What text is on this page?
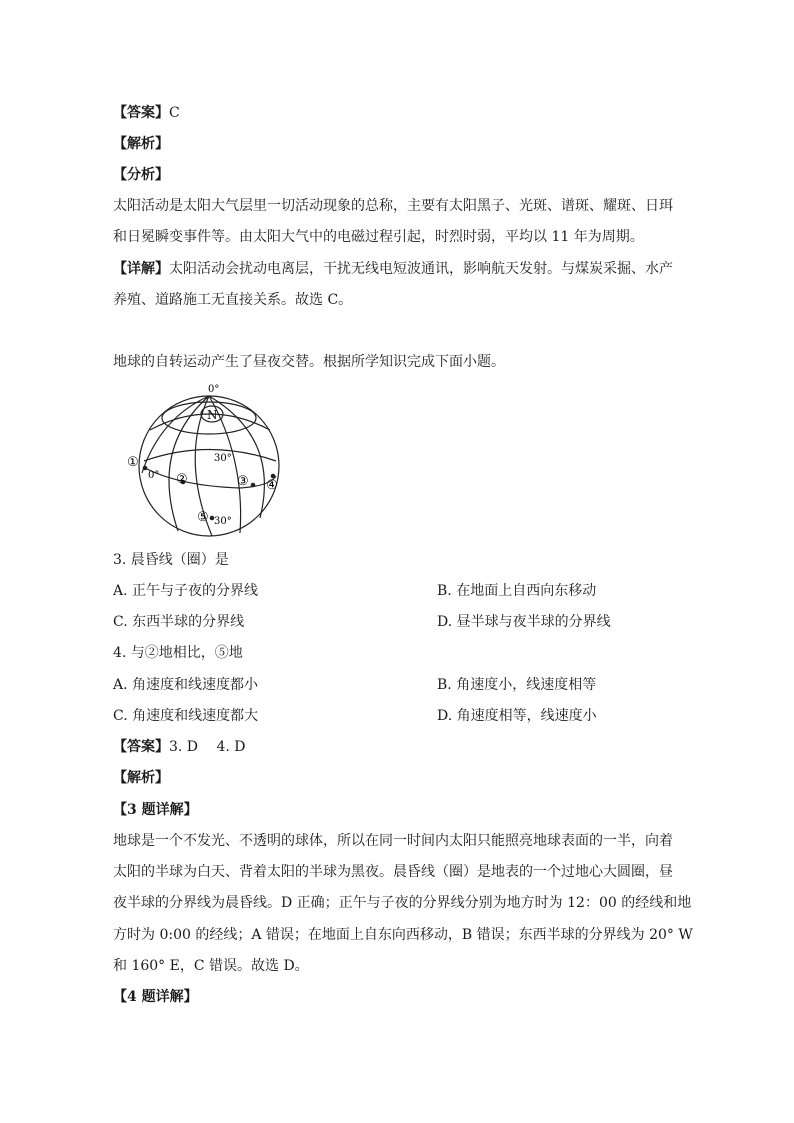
【答案】C
【解析】
【分析】
太阳活动是太阳大气层里一切活动现象的总称，主要有太阳黑子、光斑、谱斑、耀斑、日珥
和日冕瞬变事件等。由太阳大气中的电磁过程引起，时烈时弱，平均以 11 年为周期。
【详解】太阳活动会扰动电离层，干扰无线电短波通讯，影响航天发射。与煤炭采掘、水产
养殖、道路施工无直接关系。故选 C。
地球的自转运动产生了昼夜交替。根据所学知识完成下面小题。
0°
N
30°
0°
30°
①
②	③ ④
⑤
3. 晨昏线（圈）是
A. 正午与子夜的分界线	B. 在地面上自西向东移动
C. 东西半球的分界线	D. 昼半球与夜半球的分界线
4. 与②地相比，⑤地
A. 角速度和线速度都小	B. 角速度小，线速度相等
C. 角速度和线速度都大	D. 角速度相等，线速度小
【答案】3. D　 4. D
【解析】
【3 题详解】
地球是一个不发光、不透明的球体，所以在同一时间内太阳只能照亮地球表面的一半，向着
太阳的半球为白天、背着太阳的半球为黑夜。晨昏线（圈）是地表的一个过地心大圆圈，昼
夜半球的分界线为晨昏线。D 正确；正午与子夜的分界线分别为地方时为 12：00 的经线和地
方时为 0:00 的经线；A 错误；在地面上自东向西移动，B 错误；东西半球的分界线为 20° W
和 160° E，C 错误。故选 D。
【4 题详解】
